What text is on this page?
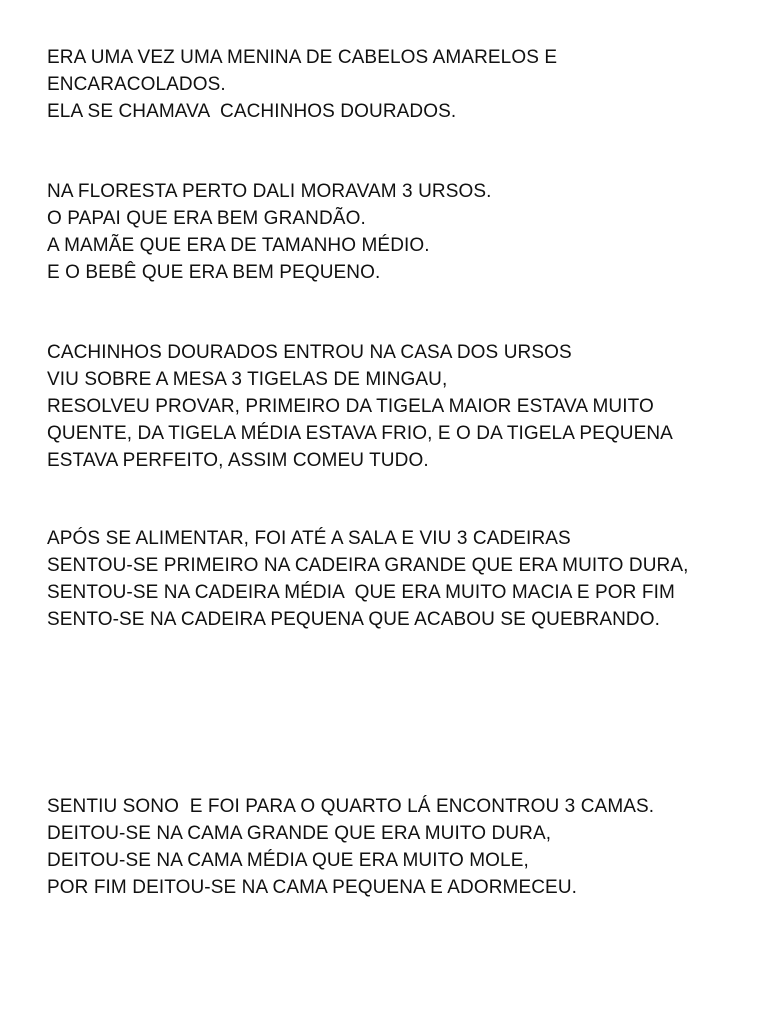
ERA UMA VEZ UMA MENINA DE CABELOS AMARELOS E
ENCARACOLADOS.
ELA SE CHAMAVA  CACHINHOS DOURADOS.

NA FLORESTA PERTO DALI MORAVAM 3 URSOS.
O PAPAI QUE ERA BEM GRANDÃO.
A MAMÃE QUE ERA DE TAMANHO MÉDIO.
E O BEBÊ QUE ERA BEM PEQUENO.

CACHINHOS DOURADOS ENTROU NA CASA DOS URSOS
VIU SOBRE A MESA 3 TIGELAS DE MINGAU,
RESOLVEU PROVAR, PRIMEIRO DA TIGELA MAIOR ESTAVA MUITO
QUENTE, DA TIGELA MÉDIA ESTAVA FRIO, E O DA TIGELA PEQUENA
ESTAVA PERFEITO, ASSIM COMEU TUDO.

APÓS SE ALIMENTAR, FOI ATÉ A SALA E VIU 3 CADEIRAS
SENTOU-SE PRIMEIRO NA CADEIRA GRANDE QUE ERA MUITO DURA,
SENTOU-SE NA CADEIRA MÉDIA  QUE ERA MUITO MACIA E POR FIM
SENTO-SE NA CADEIRA PEQUENA QUE ACABOU SE QUEBRANDO.

SENTIU SONO  E FOI PARA O QUARTO LÁ ENCONTROU 3 CAMAS.
DEITOU-SE NA CAMA GRANDE QUE ERA MUITO DURA,
DEITOU-SE NA CAMA MÉDIA QUE ERA MUITO MOLE,
POR FIM DEITOU-SE NA CAMA PEQUENA E ADORMECEU.
